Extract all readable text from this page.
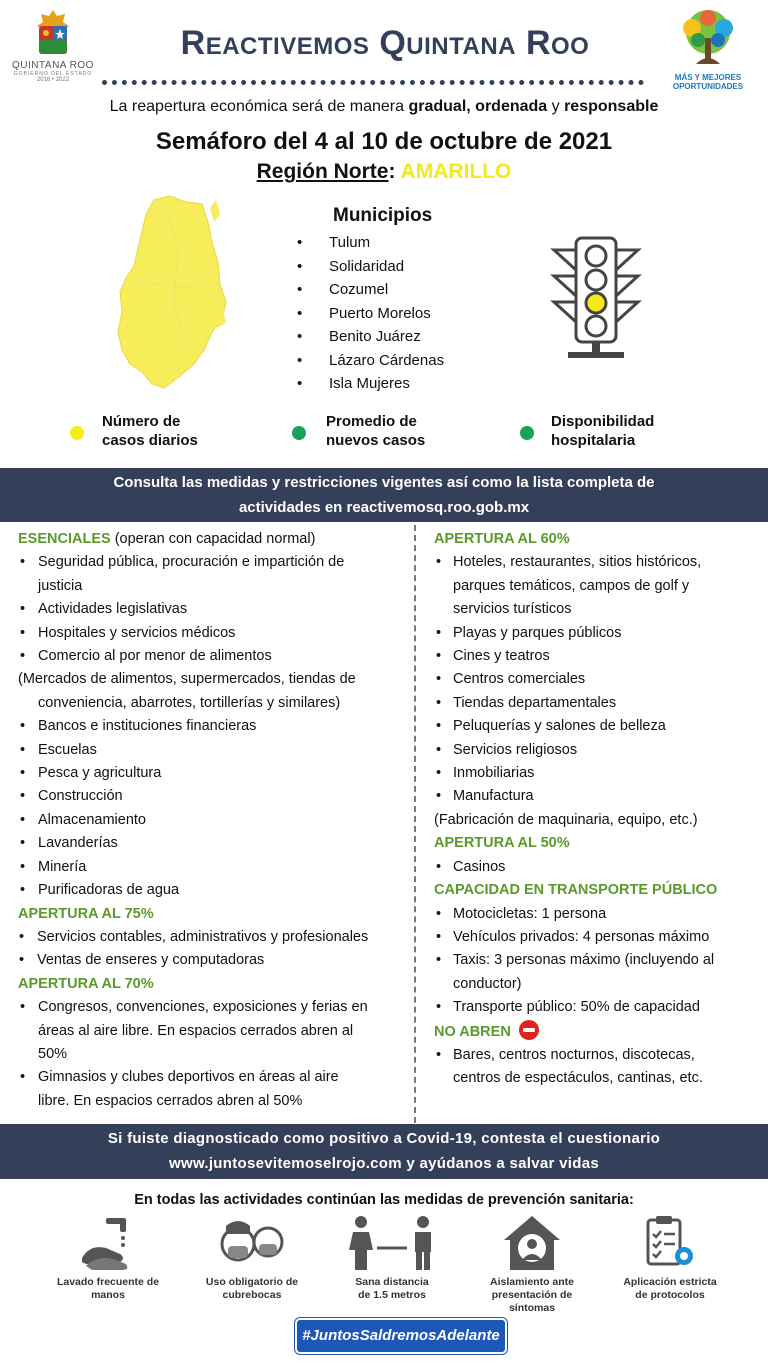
QUINTANA ROO
GOBIERNO DEL ESTADO
2016 • 2022
Reactivemos Quintana Roo
MÁS Y MEJORES
OPORTUNIDADES
La reapertura económica será de manera gradual, ordenada y responsable
Semáforo del 4 al 10 de octubre de 2021
Región Norte: AMARILLO
Municipios
• Tulum
• Solidaridad
• Cozumel
• Puerto Morelos
• Benito Juárez
• Lázaro Cárdenas
• Isla Mujeres
Número de
casos diarios
Promedio de
nuevos casos
Disponibilidad
hospitalaria
Consulta las medidas y restricciones vigentes así como la lista completa de
actividades en reactivemosq.roo.gob.mx
ESENCIALES (operan con capacidad normal)
• Seguridad pública, procuración e impartición de
justicia
• Actividades legislativas
• Hospitales y servicios médicos
• Comercio al por menor de alimentos
(Mercados de alimentos, supermercados, tiendas de
conveniencia, abarrotes, tortillerías y similares)
• Bancos e instituciones financieras
• Escuelas
• Pesca y agricultura
• Construcción
• Almacenamiento
• Lavanderías
• Minería
• Purificadoras de agua
APERTURA AL 75%
• Servicios contables, administrativos y profesionales
• Ventas de enseres y computadoras
APERTURA AL 70%
• Congresos, convenciones, exposiciones y ferias en
áreas al aire libre. En espacios cerrados abren al
50%
• Gimnasios y clubes deportivos en áreas al aire
libre. En espacios cerrados abren al 50%
APERTURA AL 60%
• Hoteles, restaurantes, sitios históricos,
parques temáticos, campos de golf y
servicios turísticos
• Playas y parques públicos
• Cines y teatros
• Centros comerciales
• Tiendas departamentales
• Peluquerías y salones de belleza
• Servicios religiosos
• Inmobiliarias
• Manufactura
(Fabricación de maquinaria, equipo, etc.)
APERTURA AL 50%
• Casinos
CAPACIDAD EN TRANSPORTE PÚBLICO
• Motocicletas: 1 persona
• Vehículos privados: 4 personas máximo
• Taxis: 3 personas máximo (incluyendo al
conductor)
• Transporte público: 50% de capacidad
NO ABREN
• Bares, centros nocturnos, discotecas,
centros de espectáculos, cantinas, etc.
Si fuiste diagnosticado como positivo a Covid-19, contesta el cuestionario
www.juntosevitemoselrojo.com y ayúdanos a salvar vidas
En todas las actividades continúan las medidas de prevención sanitaria:
Lavado frecuente de
manos
Uso obligatorio de
cubrebocas
Sana distancia
de 1.5 metros
Aislamiento ante
presentación de
síntomas
Aplicación estricta
de protocolos
#JuntosSaldremosAdelante
